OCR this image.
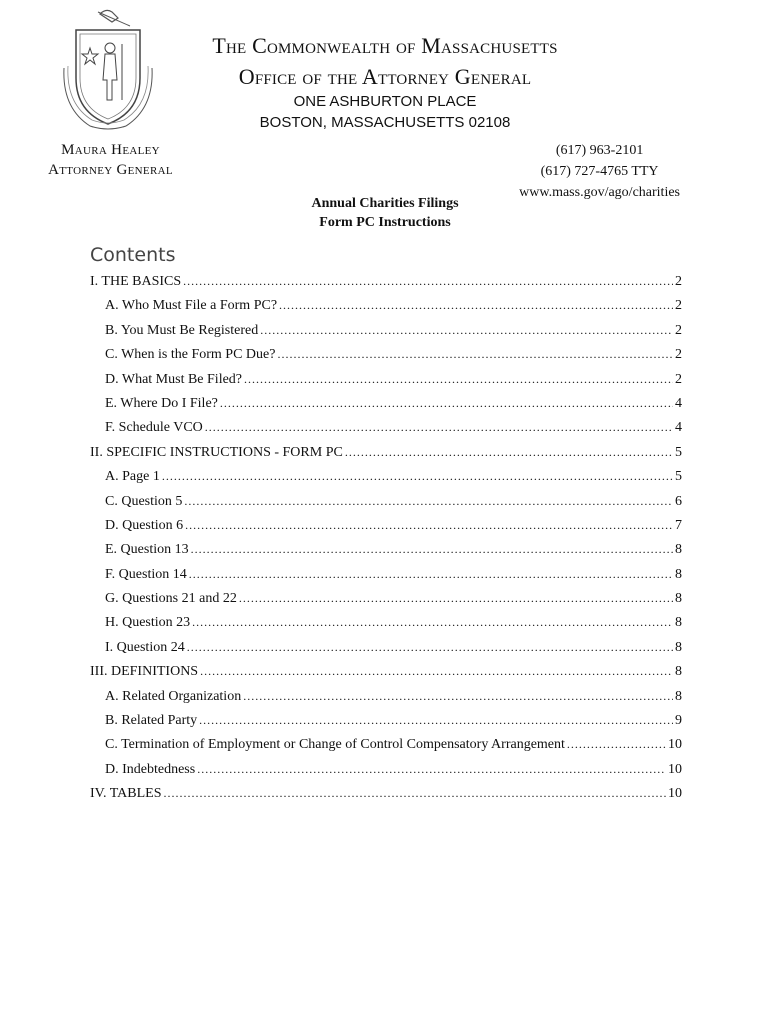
Maura Healey
Attorney General
The Commonwealth of Massachusetts
Office of the Attorney General
ONE ASHBURTON PLACE
BOSTON, MASSACHUSETTS 02108
(617) 963-2101
(617) 727-4765 TTY
www.mass.gov/ago/charities
Annual Charities Filings
Form PC Instructions
Contents
I. THE BASICS .....	2
A. Who Must File a Form PC? .....	2
B. You Must Be Registered .....	2
C. When is the Form PC Due? .....	2
D. What Must Be Filed? .....	2
E. Where Do I File? .....	4
F. Schedule VCO .....	4
II. SPECIFIC INSTRUCTIONS - FORM PC .....	5
A. Page 1 .....	5
C. Question 5 .....	6
D. Question 6 .....	7
E. Question 13 .....	8
F. Question 14 .....	8
G. Questions 21 and 22 .....	8
H. Question 23 .....	8
I. Question 24 .....	8
III. DEFINITIONS .....	8
A. Related Organization .....	8
B. Related Party .....	9
C. Termination of Employment or Change of Control Compensatory Arrangement .....	10
D. Indebtedness .....	10
IV. TABLES .....	10
